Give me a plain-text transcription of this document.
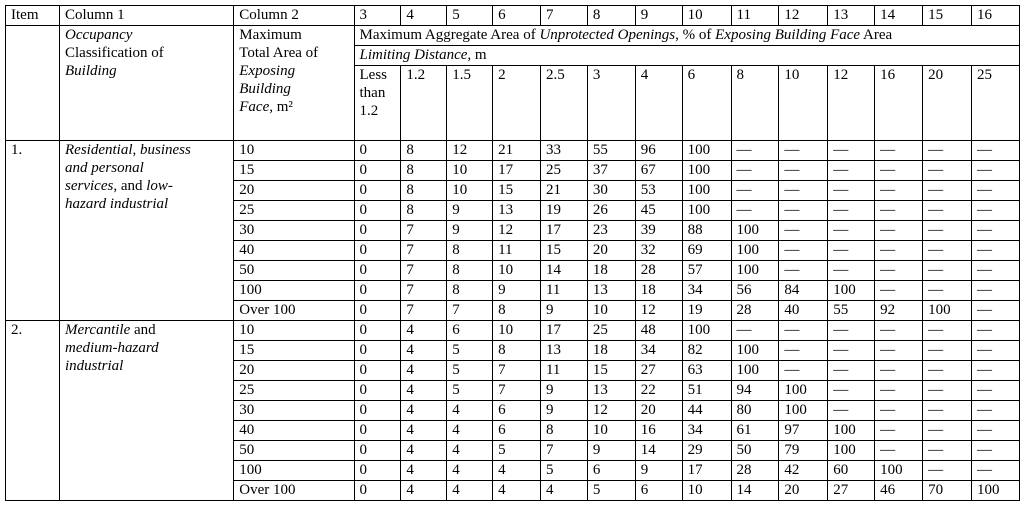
Item	Column 1	Column 2	3	4	5	6	7	8	9	10	11	12	13	14	15	16
	Occupancy
Classification of
Building	Maximum
Total Area of
Exposing
Building
Face, m²	Maximum Aggregate Area of Unprotected Openings, % of Exposing Building Face Area													
			Limiting Distance, m													
			Less than 1.2	1.2	1.5	2	2.5	3	4	6	8	10	12	16	20	25
1.	Residential, business
and personal
services, and low-
hazard industrial	10	0	8	12	21	33	55	96	100	—	—	—	—	—	—
		15	0	8	10	17	25	37	67	100	—	—	—	—	—	—
		20	0	8	10	15	21	30	53	100	—	—	—	—	—	—
		25	0	8	9	13	19	26	45	100	—	—	—	—	—	—
		30	0	7	9	12	17	23	39	88	100	—	—	—	—	—
		40	0	7	8	11	15	20	32	69	100	—	—	—	—	—
		50	0	7	8	10	14	18	28	57	100	—	—	—	—	—
		100	0	7	8	9	11	13	18	34	56	84	100	—	—	—
		Over 100	0	7	7	8	9	10	12	19	28	40	55	92	100	—
2.	Mercantile and
medium-hazard
industrial	10	0	4	6	10	17	25	48	100	—	—	—	—	—	—
		15	0	4	5	8	13	18	34	82	100	—	—	—	—	—
		20	0	4	5	7	11	15	27	63	100	—	—	—	—	—
		25	0	4	5	7	9	13	22	51	94	100	—	—	—	—
		30	0	4	4	6	9	12	20	44	80	100	—	—	—	—
		40	0	4	4	6	8	10	16	34	61	97	100	—	—	—
		50	0	4	4	5	7	9	14	29	50	79	100	—	—	—
		100	0	4	4	4	5	6	9	17	28	42	60	100	—	—
		Over 100	0	4	4	4	4	5	6	10	14	20	27	46	70	100
